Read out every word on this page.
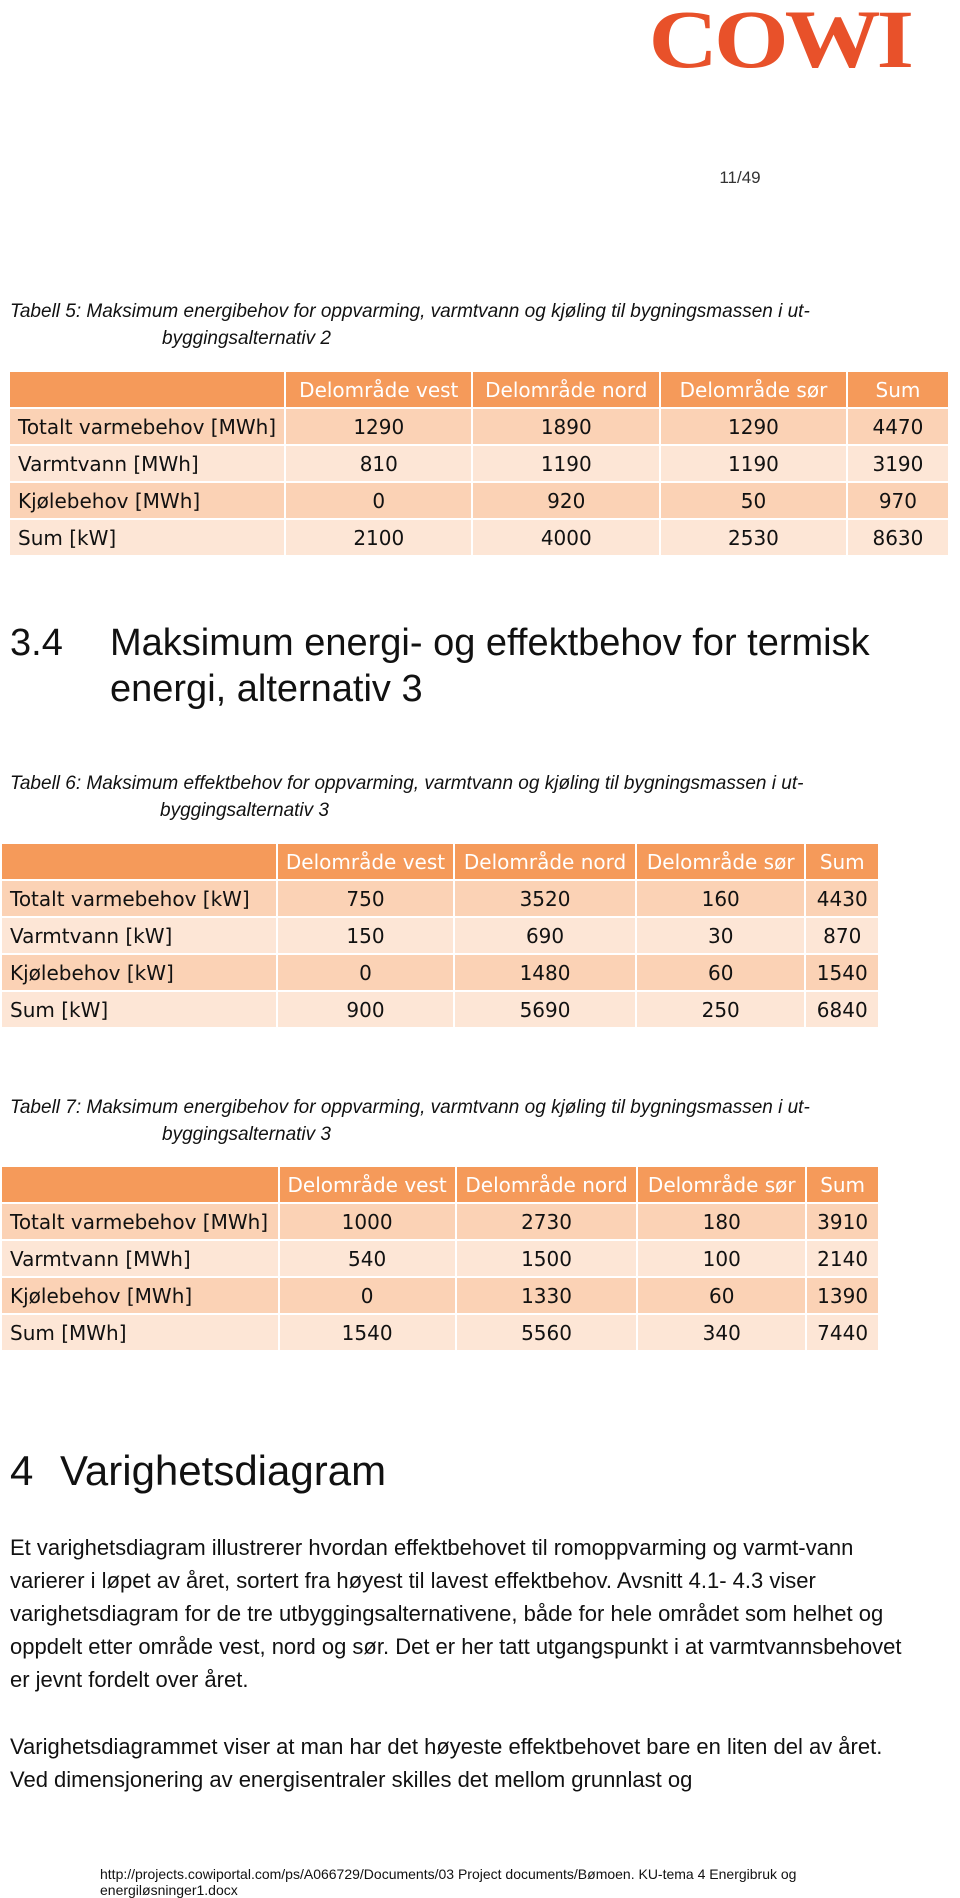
COWI
11/49
Tabell 5: Maksimum energibehov for oppvarming, varmtvann og kjøling til bygningsmassen i ut-
byggingsalternativ 2
	Delområde vest	Delområde nord	Delområde sør	Sum
Totalt varmebehov [MWh]	1290	1890	1290	4470
Varmtvann [MWh]	810	1190	1190	3190
Kjølebehov [MWh]	0	920	50	970
Sum [kW]	2100	4000	2530	8630
3.4 Maksimum energi- og effektbehov for termisk
energi, alternativ 3
Tabell 6: Maksimum effektbehov for oppvarming, varmtvann og kjøling til bygningsmassen i ut-
byggingsalternativ 3
	Delområde vest	Delområde nord	Delområde sør	Sum
Totalt varmebehov [kW]	750	3520	160	4430
Varmtvann [kW]	150	690	30	870
Kjølebehov [kW]	0	1480	60	1540
Sum [kW]	900	5690	250	6840
Tabell 7: Maksimum energibehov for oppvarming, varmtvann og kjøling til bygningsmassen i ut-
byggingsalternativ 3
	Delområde vest	Delområde nord	Delområde sør	Sum
Totalt varmebehov [MWh]	1000	2730	180	3910
Varmtvann [MWh]	540	1500	100	2140
Kjølebehov [MWh]	0	1330	60	1390
Sum [MWh]	1540	5560	340	7440
4 Varighetsdiagram
Et varighetsdiagram illustrerer hvordan effektbehovet til romoppvarming og varmt-vann varierer i løpet av året, sortert fra høyest til lavest effektbehov. Avsnitt 4.1- 4.3 viser varighetsdiagram for de tre utbyggingsalternativene, både for hele området som helhet og oppdelt etter område vest, nord og sør. Det er her tatt utgangspunkt i at varmtvannsbehovet er jevnt fordelt over året.
Varighetsdiagrammet viser at man har det høyeste effektbehovet bare en liten del av året. Ved dimensjonering av energisentraler skilles det mellom grunnlast og
http://projects.cowiportal.com/ps/A066729/Documents/03 Project documents/Bømoen. KU-tema 4 Energibruk og energiløsninger1.docx
